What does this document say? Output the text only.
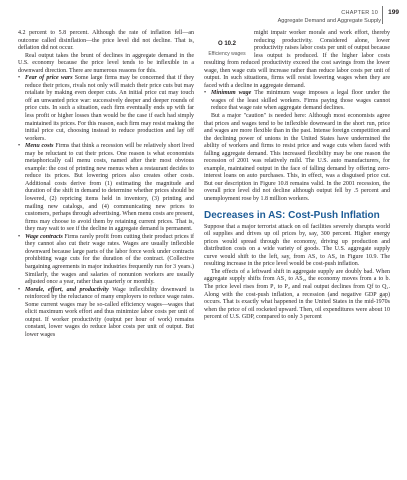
CHAPTER 10 199
Aggregate Demand and Aggregate Supply

4.2 percent to 5.8 percent. Although the rate of inflation fell—an outcome called disinflation—the price level did not decline. That is, deflation did not occur.

Real output takes the brunt of declines in aggregate demand in the U.S. economy because the price level tends to be inflexible in a downward direction. There are numerous reasons for this.

• Fear of price wars Some large firms may be concerned that if they reduce their prices, rivals not only will match their price cuts but may retaliate by making even deeper cuts. An initial price cut may touch off an unwanted price war: successively deeper and deeper rounds of price cuts. In such a situation, each firm eventually ends up with far less profit or higher losses than would be the case if each had simply maintained its prices. For this reason, each firm may resist making the initial price cut, choosing instead to reduce production and lay off workers.
• Menu costs Firms that think a recession will be relatively short lived may be reluctant to cut their prices. One reason is what economists metaphorically call menu costs, named after their most obvious example: the cost of printing new menus when a restaurant decides to reduce its prices. But lowering prices also creates other costs. Additional costs derive from (1) estimating the magnitude and duration of the shift in demand to determine whether prices should be lowered, (2) repricing items held in inventory, (3) printing and mailing new catalogs, and (4) communicating new prices to customers, perhaps through advertising. When menu costs are present, firms may choose to avoid them by retaining current prices. That is, they may wait to see if the decline in aggregate demand is permanent.
• Wage contracts Firms rarely profit from cutting their product prices if they cannot also cut their wage rates. Wages are usually inflexible downward because large parts of the labor force work under contracts prohibiting wage cuts for the duration of the contract. (Collective bargaining agreements in major industries frequently run for 3 years.) Similarly, the wages and salaries of nonunion workers are usually adjusted once a year, rather than quarterly or monthly.
• Morale, effort, and productivity Wage inflexibility downward is reinforced by the reluctance of many employers to reduce wage rates. Some current wages may be so-called efficiency wages—wages that elicit maximum work effort and thus minimize labor costs per unit of output. If worker productivity (output per hour of work) remains constant, lower wages do reduce labor costs per unit of output. But lower wages
O 10.2
Efficiency wages

might impair worker morale and work effort, thereby reducing productivity. Considered alone, lower productivity raises labor costs per unit of output because less output is produced. If the higher labor costs resulting from reduced productivity exceed the cost savings from the lower wage, then wage cuts will increase rather than reduce labor costs per unit of output. In such situations, firms will resist lowering wages when they are faced with a decline in aggregate demand.

• Minimum wage The minimum wage imposes a legal floor under the wages of the least skilled workers. Firms paying those wages cannot reduce that wage rate when aggregate demand declines.

But a major "caution" is needed here: Although most economists agree that prices and wages tend to be inflexible downward in the short run, price and wages are more flexible than in the past. Intense foreign competition and the declining power of unions in the United States have undermined the ability of workers and firms to resist price and wage cuts when faced with falling aggregate demand. This increased flexibility may be one reason the recession of 2001 was relatively mild. The U.S. auto manufacturers, for example, maintained output in the face of falling demand by offering zero-interest loans on auto purchases. This, in effect, was a disguised price cut. But our description in Figure 10.8 remains valid. In the 2001 recession, the overall price level did not decline although output fell by .5 percent and unemployment rose by 1.8 million workers.

Decreases in AS: Cost-Push Inflation

Suppose that a major terrorist attack on oil facilities severely disrupts world oil supplies and drives up oil prices by, say, 300 percent. Higher energy prices would spread through the economy, driving up production and distribution costs on a wide variety of goods. The U.S. aggregate supply curve would shift to the left, say, from AS₁ to AS₂ in Figure 10.9. The resulting increase in the price level would be cost-push inflation.

The effects of a leftward shift in aggregate supply are doubly bad. When aggregate supply shifts from AS₁ to AS₂, the economy moves from a to b. The price level rises from P₁ to P₂ and real output declines from Qf to Q₁. Along with the cost-push inflation, a recession (and negative GDP gap) occurs. That is exactly what happened in the United States in the mid-1970s when the price of oil rocketed upward. Then, oil expenditures were about 10 percent of U.S. GDP, compared to only 3 percent
